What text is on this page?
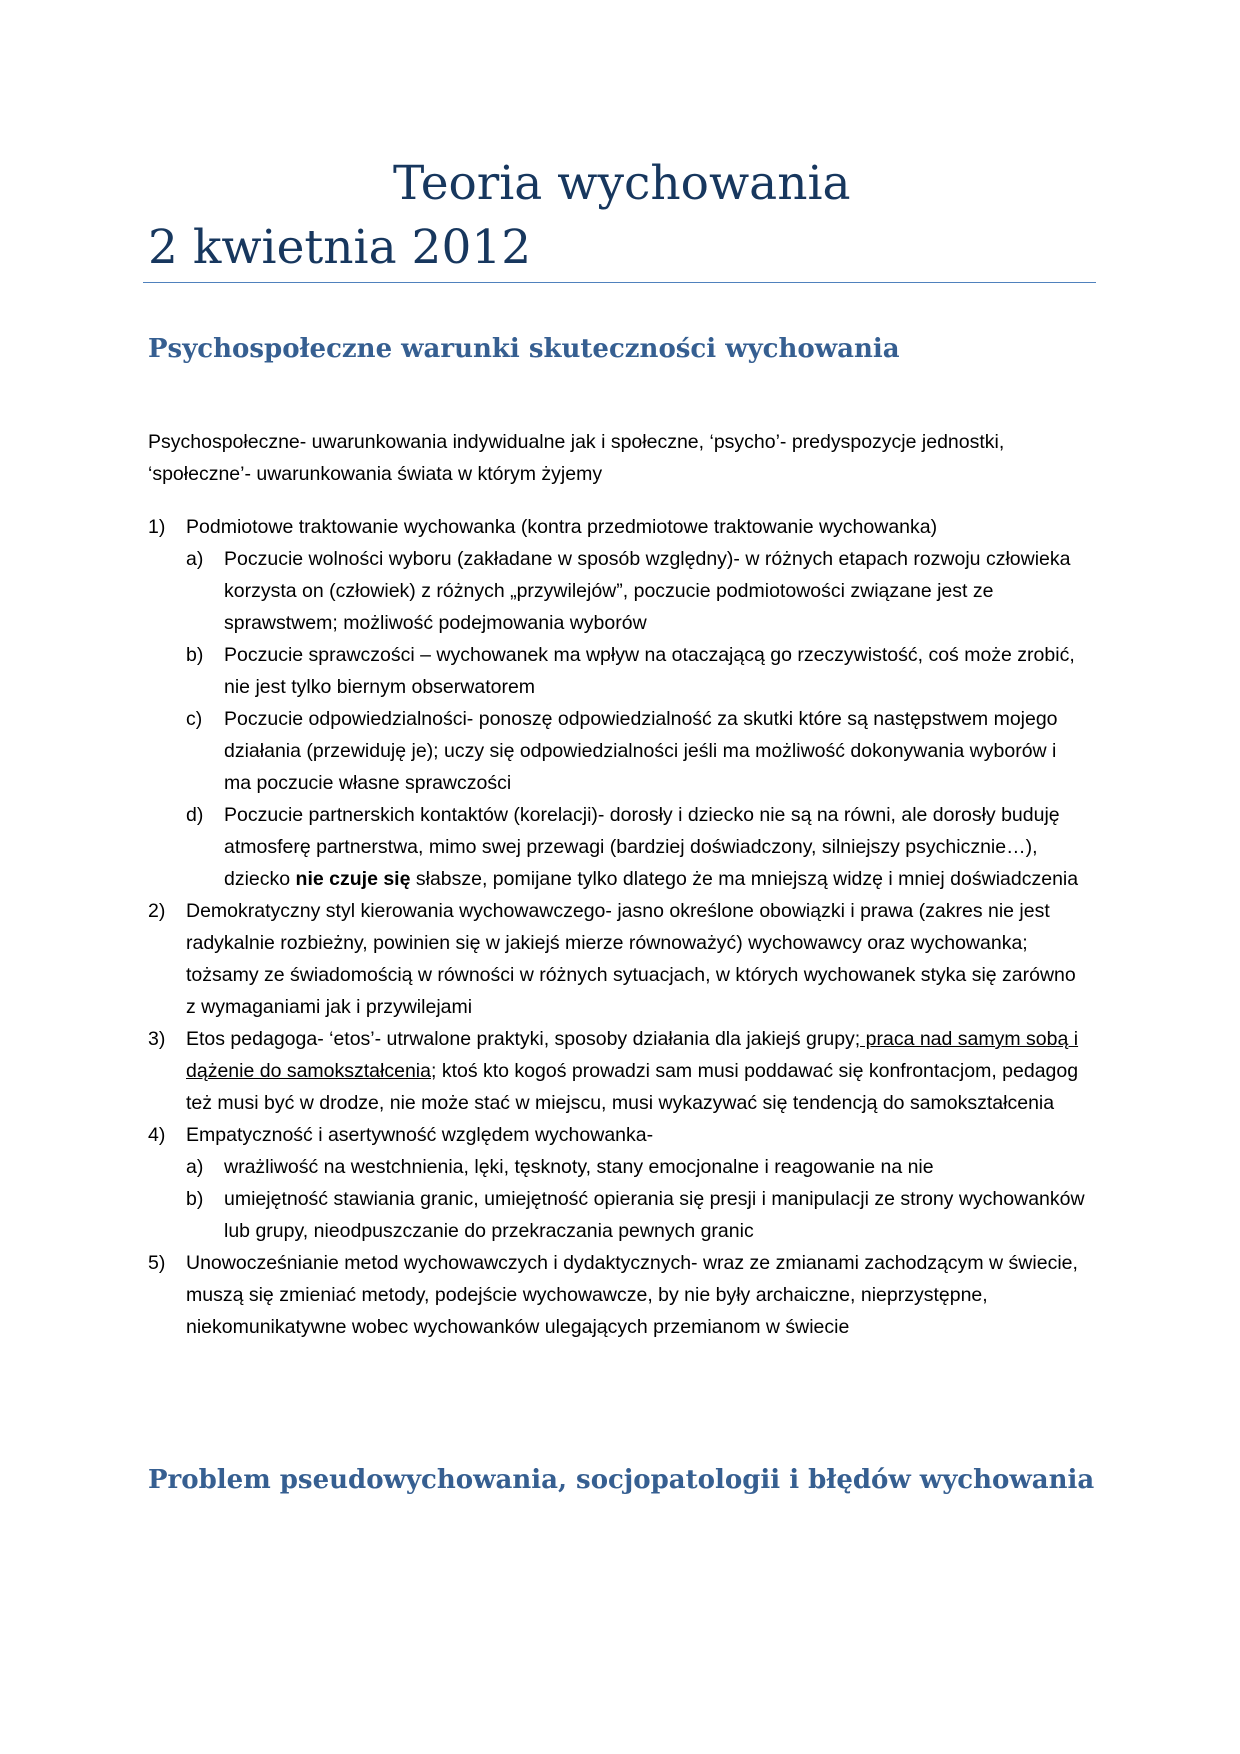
Teoria wychowania
2 kwietnia 2012
Psychospołeczne warunki skuteczności wychowania

Psychospołeczne- uwarunkowania indywidualne jak i społeczne, ‘psycho’- predyspozycje jednostki, ‘społeczne’- uwarunkowania świata w którym żyjemy

1) Podmiotowe traktowanie wychowanka (kontra przedmiotowe traktowanie wychowanka)
a) Poczucie wolności wyboru (zakładane w sposób względny)- w różnych etapach rozwoju człowieka korzysta on (człowiek) z różnych „przywilejów”, poczucie podmiotowości związane jest ze sprawstwem; możliwość podejmowania wyborów
b) Poczucie sprawczości – wychowanek ma wpływ na otaczającą go rzeczywistość, coś może zrobić, nie jest tylko biernym obserwatorem
c) Poczucie odpowiedzialności- ponoszę odpowiedzialność za skutki które są następstwem mojego działania (przewiduję je); uczy się odpowiedzialności jeśli ma możliwość dokonywania wyborów i ma poczucie własne sprawczości
d) Poczucie partnerskich kontaktów (korelacji)- dorosły i dziecko nie są na równi, ale dorosły buduję atmosferę partnerstwa, mimo swej przewagi (bardziej doświadczony, silniejszy psychicznie…), dziecko nie czuje się słabsze, pomijane tylko dlatego że ma mniejszą widzę i mniej doświadczenia
2) Demokratyczny styl kierowania wychowawczego- jasno określone obowiązki i prawa (zakres nie jest radykalnie rozbieżny, powinien się w jakiejś mierze równoważyć) wychowawcy oraz wychowanka; tożsamy ze świadomością w równości w różnych sytuacjach, w których wychowanek styka się zarówno z wymaganiami jak i przywilejami
3) Etos pedagoga- ‘etos’- utrwalone praktyki, sposoby działania dla jakiejś grupy; praca nad samym sobą i dążenie do samokształcenia; ktoś kto kogoś prowadzi sam musi poddawać się konfrontacjom, pedagog też musi być w drodze, nie może stać w miejscu, musi wykazywać się tendencją do samokształcenia
4) Empatyczność i asertywność względem wychowanka-
a) wrażliwość na westchnienia, lęki, tęsknoty, stany emocjonalne i reagowanie na nie
b) umiejętność stawiania granic, umiejętność opierania się presji i manipulacji ze strony wychowanków lub grupy, nieodpuszczanie do przekraczania pewnych granic
5) Unowocześnianie metod wychowawczych i dydaktycznych- wraz ze zmianami zachodzącym w świecie, muszą się zmieniać metody, podejście wychowawcze, by nie były archaiczne, nieprzystępne, niekomunikatywne wobec wychowanków ulegających przemianom w świecie
Problem pseudowychowania, socjopatologii i błędów wychowania
